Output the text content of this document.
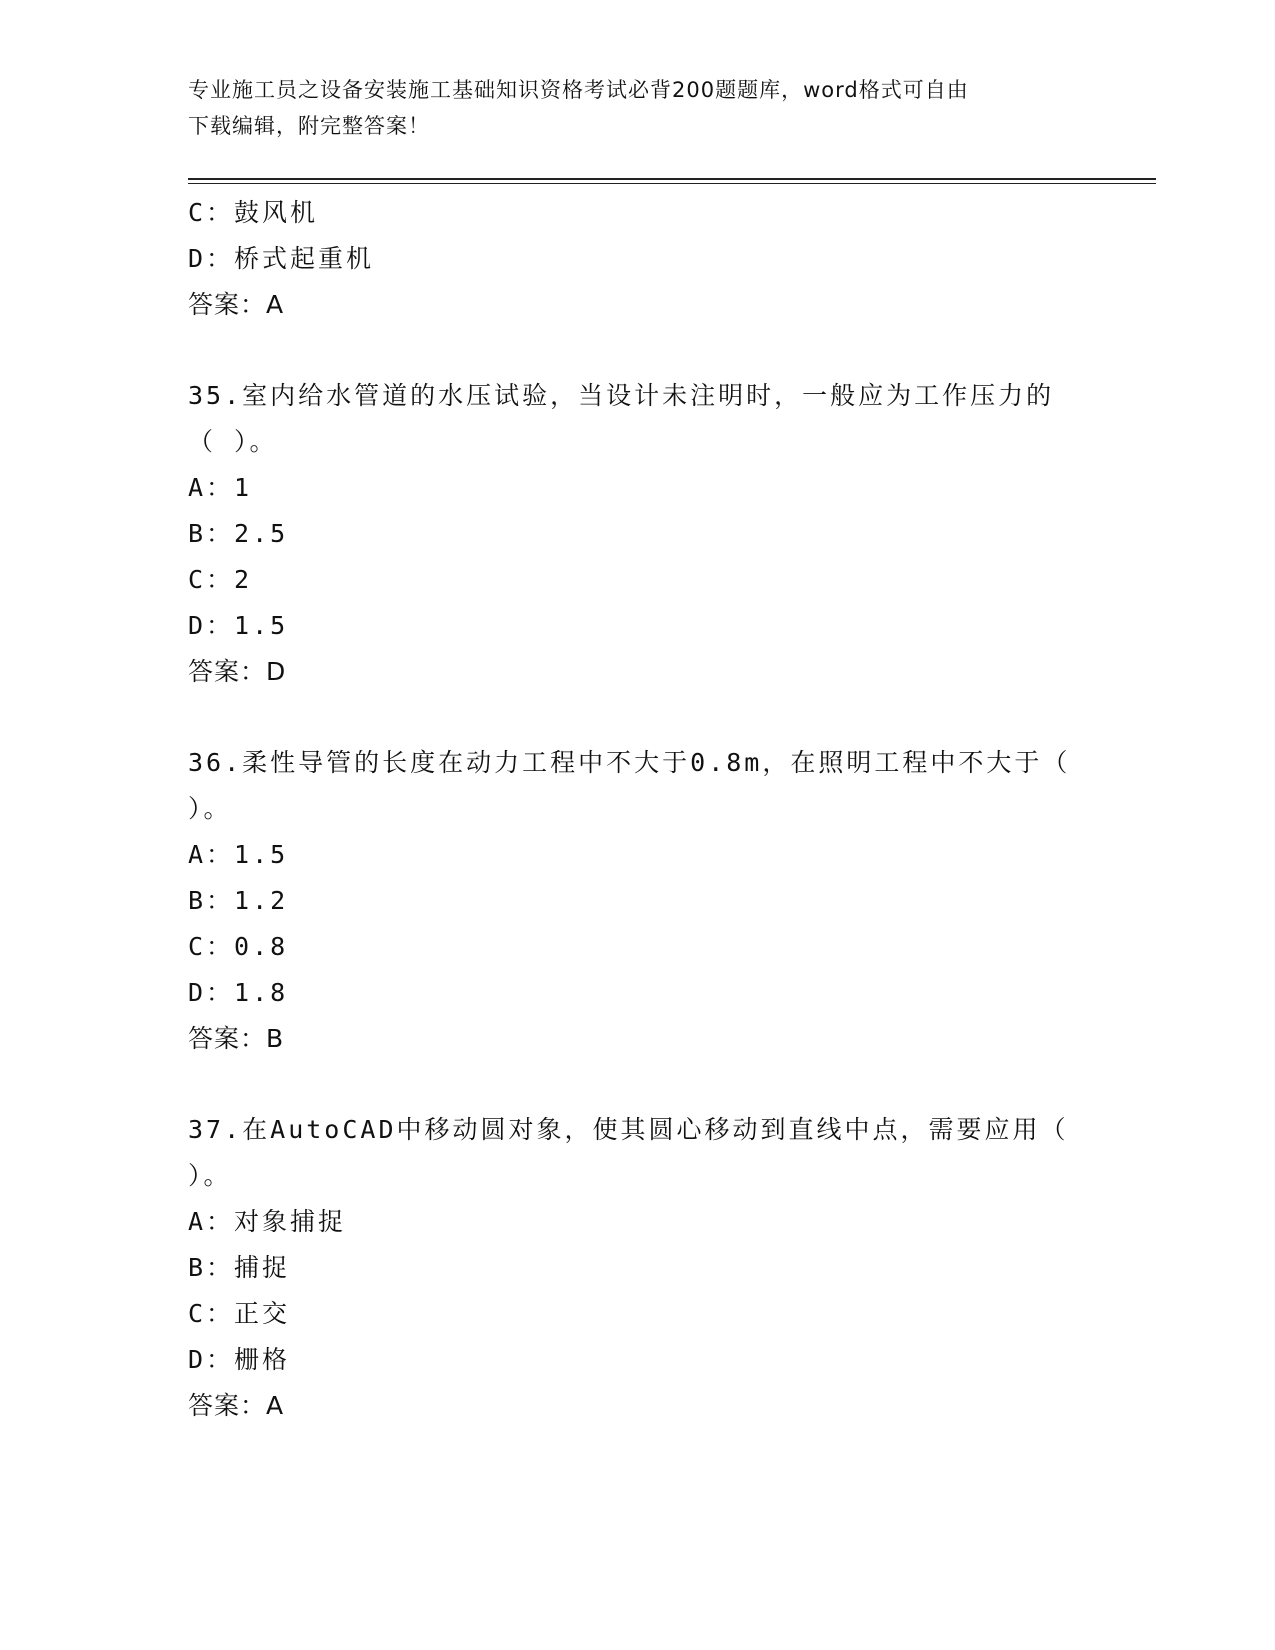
专业施工员之设备安装施工基础知识资格考试必背200题题库，word格式可自由
下载编辑，附完整答案！
C：鼓风机
D：桥式起重机
答案：A
35.室内给水管道的水压试验，当设计未注明时，一般应为工作压力的
（ ）。
A：1
B：2.5
C：2
D：1.5
答案：D
36.柔性导管的长度在动力工程中不大于0.8m，在照明工程中不大于（
）。
A：1.5
B：1.2
C：0.8
D：1.8
答案：B
37.在AutoCAD中移动圆对象，使其圆心移动到直线中点，需要应用（
）。
A：对象捕捉
B：捕捉
C：正交
D：栅格
答案：A
